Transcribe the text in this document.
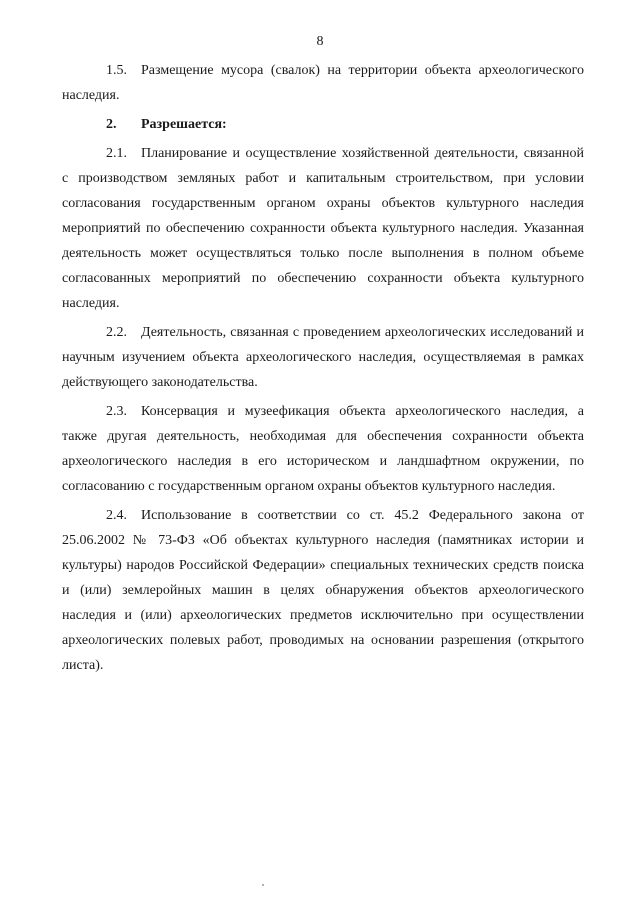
8

1.5. Размещение мусора (свалок) на территории объекта археологического наследия.

2. Разрешается:

2.1. Планирование и осуществление хозяйственной деятельности, связанной с производством земляных работ и капитальным строительством, при условии согласования государственным органом охраны объектов культурного наследия мероприятий по обеспечению сохранности объекта культурного наследия. Указанная деятельность может осуществляться только после выполнения в полном объеме согласованных мероприятий по обеспечению сохранности объекта культурного наследия.

2.2. Деятельность, связанная с проведением археологических исследований и научным изучением объекта археологического наследия, осуществляемая в рамках действующего законодательства.

2.3. Консервация и музеефикация объекта археологического наследия, а также другая деятельность, необходимая для обеспечения сохранности объекта археологического наследия в его историческом и ландшафтном окружении, по согласованию с государственным органом охраны объектов культурного наследия.

2.4. Использование в соответствии со ст. 45.2 Федерального закона от 25.06.2002 № 73-ФЗ «Об объектах культурного наследия (памятниках истории и культуры) народов Российской Федерации» специальных технических средств поиска и (или) землеройных машин в целях обнаружения объектов археологического наследия и (или) археологических предметов исключительно при осуществлении археологических полевых работ, проводимых на основании разрешения (открытого листа).
